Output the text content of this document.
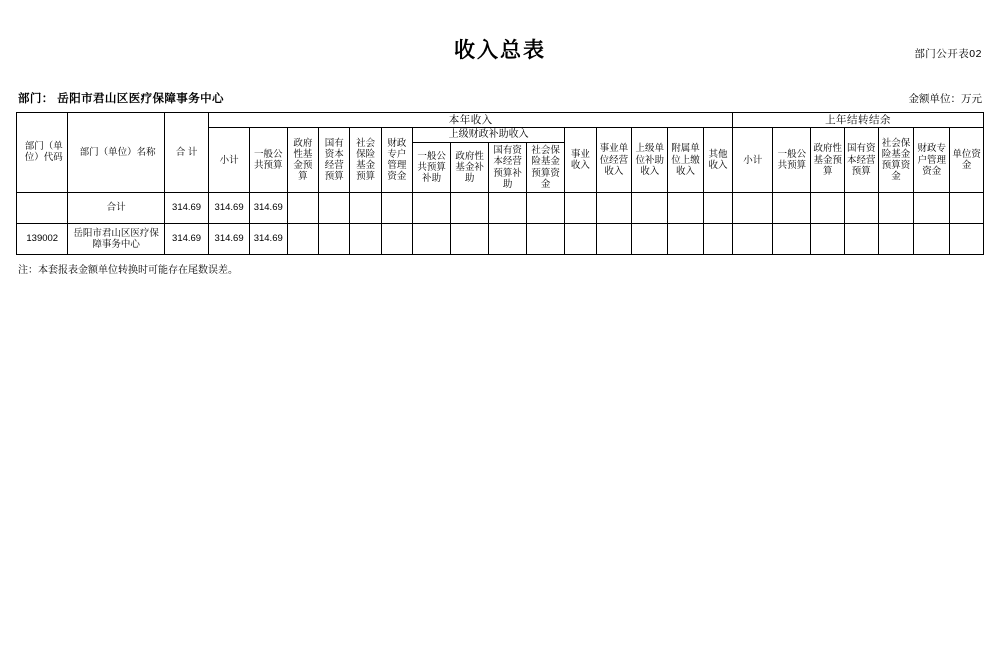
部门公开表02
收入总表
部门： 岳阳市君山区医疗保障事务中心	金额单位：万元
部门（单位）代码	部门（单位）名称	合 计	本年收入															上年结转结余						
			小计	一般公共预算	政府性基金预算	国有资本经营预算	社会保险基金预算	财政专户管理资金	上级财政补助收入				事业收入	事业单位经营收入	上级单位补助收入	附属单位上缴收入	其他收入	小计	一般公共预算	政府性基金预算	国有资本经营预算	社会保险基金预算资金	财政专户管理资金	单位资金
									一般公共预算补助	政府性基金补助	国有资本经营预算补助	社会保险基金预算资金												

	合计	314.69	314.69	314.69																				
139002	岳阳市君山区医疗保障事务中心	314.69	314.69	314.69																				
注：本套报表金额单位转换时可能存在尾数误差。
